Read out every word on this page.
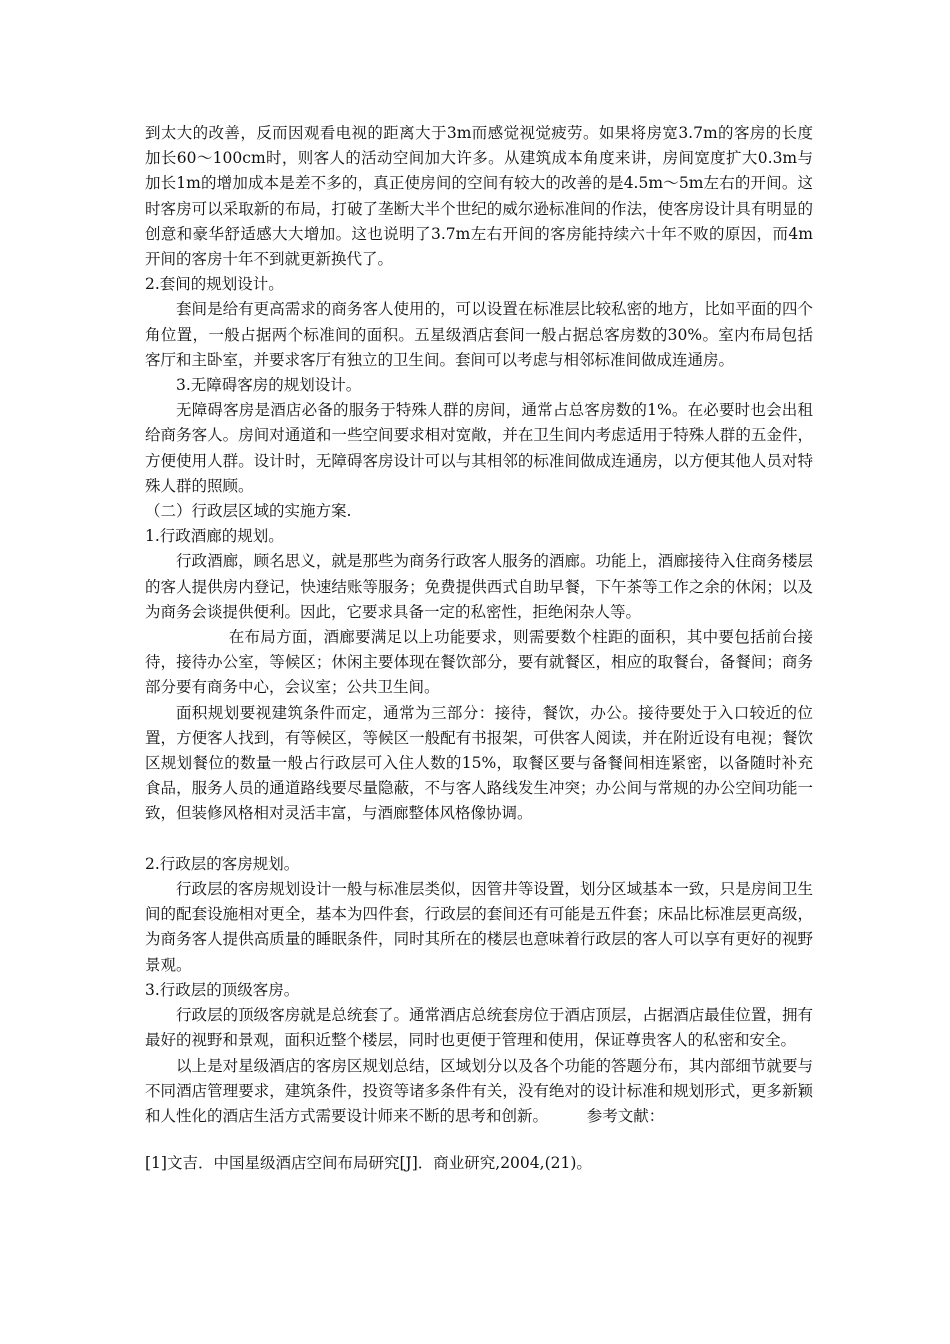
到太大的改善，反而因观看电视的距离大于3m而感觉视觉疲劳。如果将房宽3.7m的客房的长度加长60～100cm时，则客人的活动空间加大许多。从建筑成本角度来讲，房间宽度扩大0.3m与加长1m的增加成本是差不多的，真正使房间的空间有较大的改善的是4.5m～5m左右的开间。这时客房可以采取新的布局，打破了垄断大半个世纪的威尔逊标准间的作法，使客房设计具有明显的创意和豪华舒适感大大增加。这也说明了3.7m左右开间的客房能持续六十年不败的原因，而4m开间的客房十年不到就更新换代了。

2.套间的规划设计。

套间是给有更高需求的商务客人使用的，可以设置在标准层比较私密的地方，比如平面的四个角位置，一般占据两个标准间的面积。五星级酒店套间一般占据总客房数的30%。室内布局包括客厅和主卧室，并要求客厅有独立的卫生间。套间可以考虑与相邻标准间做成连通房。

3.无障碍客房的规划设计。

无障碍客房是酒店必备的服务于特殊人群的房间，通常占总客房数的1%。在必要时也会出租给商务客人。房间对通道和一些空间要求相对宽敞，并在卫生间内考虑适用于特殊人群的五金件，方便使用人群。设计时，无障碍客房设计可以与其相邻的标准间做成连通房，以方便其他人员对特殊人群的照顾。

（二）行政层区域的实施方案.

1.行政酒廊的规划。

行政酒廊，顾名思义，就是那些为商务行政客人服务的酒廊。功能上，酒廊接待入住商务楼层的客人提供房内登记，快速结账等服务；免费提供西式自助早餐，下午茶等工作之余的休闲；以及为商务会谈提供便利。因此，它要求具备一定的私密性，拒绝闲杂人等。

在布局方面，酒廊要满足以上功能要求，则需要数个柱距的面积，其中要包括前台接待，接待办公室，等候区；休闲主要体现在餐饮部分，要有就餐区，相应的取餐台，备餐间；商务部分要有商务中心，会议室；公共卫生间。

面积规划要视建筑条件而定，通常为三部分：接待，餐饮，办公。接待要处于入口较近的位置，方便客人找到，有等候区，等候区一般配有书报架，可供客人阅读，并在附近设有电视；餐饮区规划餐位的数量一般占行政层可入住人数的15%，取餐区要与备餐间相连紧密，以备随时补充食品，服务人员的通道路线要尽量隐蔽，不与客人路线发生冲突；办公间与常规的办公空间功能一致，但装修风格相对灵活丰富，与酒廊整体风格像协调。

2.行政层的客房规划。

行政层的客房规划设计一般与标准层类似，因管井等设置，划分区域基本一致，只是房间卫生间的配套设施相对更全，基本为四件套，行政层的套间还有可能是五件套；床品比标准层更高级，为商务客人提供高质量的睡眠条件，同时其所在的楼层也意味着行政层的客人可以享有更好的视野景观。

3.行政层的顶级客房。

行政层的顶级客房就是总统套了。通常酒店总统套房位于酒店顶层，占据酒店最佳位置，拥有最好的视野和景观，面积近整个楼层，同时也更便于管理和使用，保证尊贵客人的私密和安全。

以上是对星级酒店的客房区规划总结，区域划分以及各个功能的答题分布，其内部细节就要与不同酒店管理要求，建筑条件，投资等诸多条件有关，没有绝对的设计标准和规划形式，更多新颖和人性化的酒店生活方式需要设计师来不断的思考和创新。　　　参考文献：

[1]文吉．中国星级酒店空间布局研究[J]．商业研究,2004,(21)。
